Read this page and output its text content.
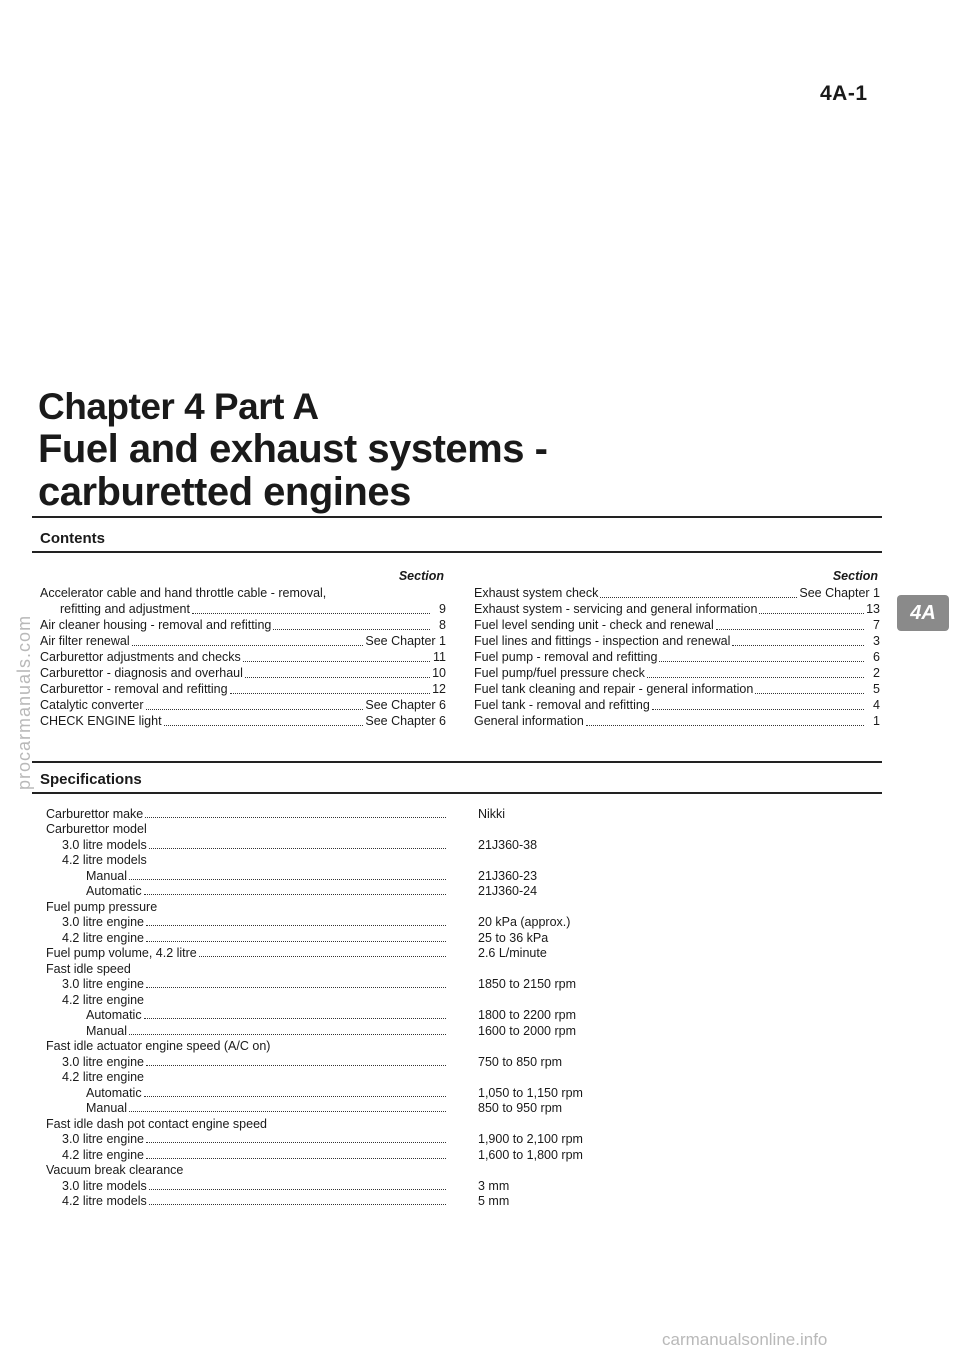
4A-1
Chapter 4 Part A
Fuel and exhaust systems -
carburetted engines
Contents
Section
Accelerator cable and hand throttle cable - removal,
refitting and adjustment	9
Air cleaner housing - removal and refitting	8
Air filter renewal	See Chapter 1
Carburettor adjustments and checks	11
Carburettor - diagnosis and overhaul	10
Carburettor - removal and refitting	12
Catalytic converter	See Chapter 6
CHECK ENGINE light	See Chapter 6
Section
Exhaust system check	See Chapter 1
Exhaust system - servicing and general information	13
Fuel level sending unit - check and renewal	7
Fuel lines and fittings - inspection and renewal	3
Fuel pump - removal and refitting	6
Fuel pump/fuel pressure check	2
Fuel tank cleaning and repair - general information	5
Fuel tank - removal and refitting	4
General information	1
4A
Specifications
Carburettor make	Nikki
Carburettor model
3.0 litre models	21J360-38
4.2 litre models
Manual	21J360-23
Automatic	21J360-24
Fuel pump pressure
3.0 litre engine	20 kPa (approx.)
4.2 litre engine	25 to 36 kPa
Fuel pump volume, 4.2 litre	2.6 L/minute
Fast idle speed
3.0 litre engine	1850 to 2150 rpm
4.2 litre engine
Automatic	1800 to 2200 rpm
Manual	1600 to 2000 rpm
Fast idle actuator engine speed (A/C on)
3.0 litre engine	750 to 850 rpm
4.2 litre engine
Automatic	1,050 to 1,150 rpm
Manual	850 to 950 rpm
Fast idle dash pot contact engine speed
3.0 litre engine	1,900 to 2,100 rpm
4.2 litre engine	1,600 to 1,800 rpm
Vacuum break clearance
3.0 litre models	3 mm
4.2 litre models	5 mm
procarmanuals.com
carmanualsonline.info
